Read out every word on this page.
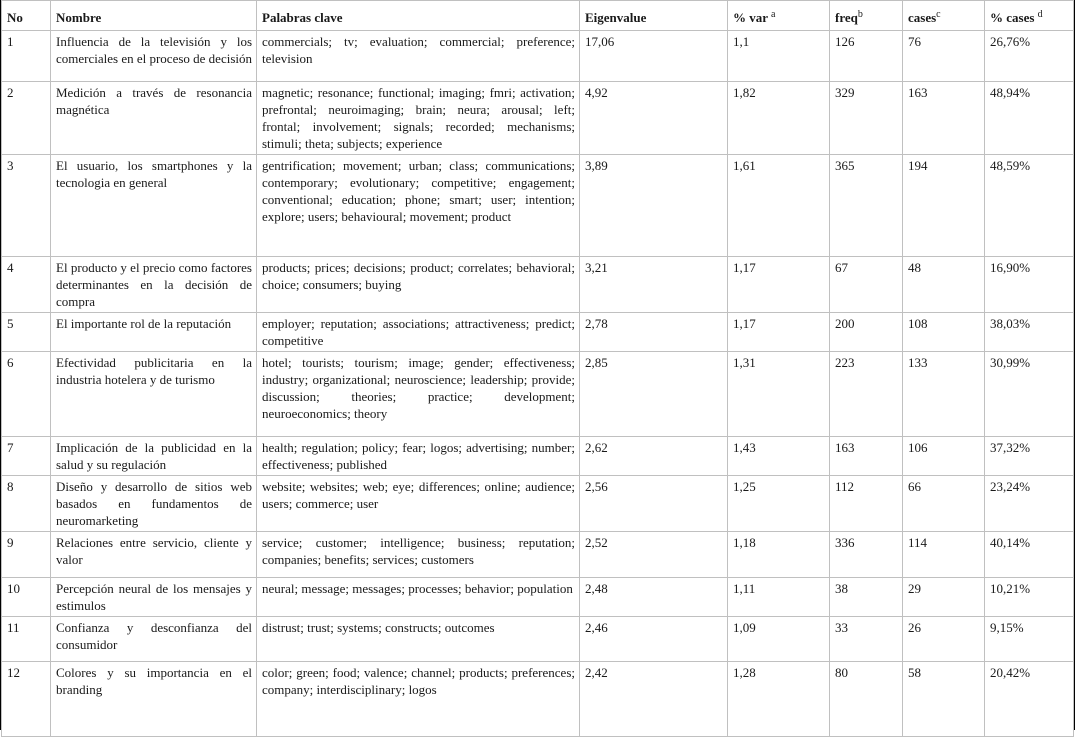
No	Nombre	Palabras clave	Eigenvalue	% var $^a$	freq$^b$	cases$^c$	% cases $^d$
1	Influencia de la televisión y los comerciales en el proceso de decisión	commercials; tv; evaluation; commercial; preference; television	17,06	1,1	126	76	26,76%
2	Medición a través de resonancia magnética	magnetic; resonance; functional; imaging; fmri; activation; prefrontal; neuroimaging; brain; neura; arousal; left; frontal; involvement; signals; recorded; mechanisms; stimuli; theta; subjects; experience	4,92	1,82	329	163	48,94%
3	El usuario, los smartphones y la tecnologia en general	gentrification; movement; urban; class; communications; contemporary; evolutionary; competitive; engagement; conventional; education; phone; smart; user; intention; explore; users; behavioural; movement; product	3,89	1,61	365	194	48,59%
4	El producto y el precio como factores determinantes en la decisión de compra	products; prices; decisions; product; correlates; behavioral; choice; consumers; buying	3,21	1,17	67	48	16,90%
5	El importante rol de la reputación	employer; reputation; associations; attractiveness; predict; competitive	2,78	1,17	200	108	38,03%
6	Efectividad publicitaria en la industria hotelera y de turismo	hotel; tourists; tourism; image; gender; effectiveness; industry; organizational; neuroscience; leadership; provide; discussion; theories; practice; development; neuroeconomics; theory	2,85	1,31	223	133	30,99%
7	Implicación de la publicidad en la salud y su regulación	health; regulation; policy; fear; logos; advertising; number; effectiveness; published	2,62	1,43	163	106	37,32%
8	Diseño y desarrollo de sitios web basados en fundamentos de neuromarketing	website; websites; web; eye; differences; online; audience; users; commerce; user	2,56	1,25	112	66	23,24%
9	Relaciones entre servicio, cliente y valor	service; customer; intelligence; business; reputation; companies; benefits; services; customers	2,52	1,18	336	114	40,14%
10	Percepción neural de los mensajes y estimulos	neural; message; messages; processes; behavior; population	2,48	1,11	38	29	10,21%
11	Confianza y desconfianza del consumidor	distrust; trust; systems; constructs; outcomes	2,46	1,09	33	26	9,15%
12	Colores y su importancia en el branding	color; green; food; valence; channel; products; preferences; company; interdisciplinary; logos	2,42	1,28	80	58	20,42%
